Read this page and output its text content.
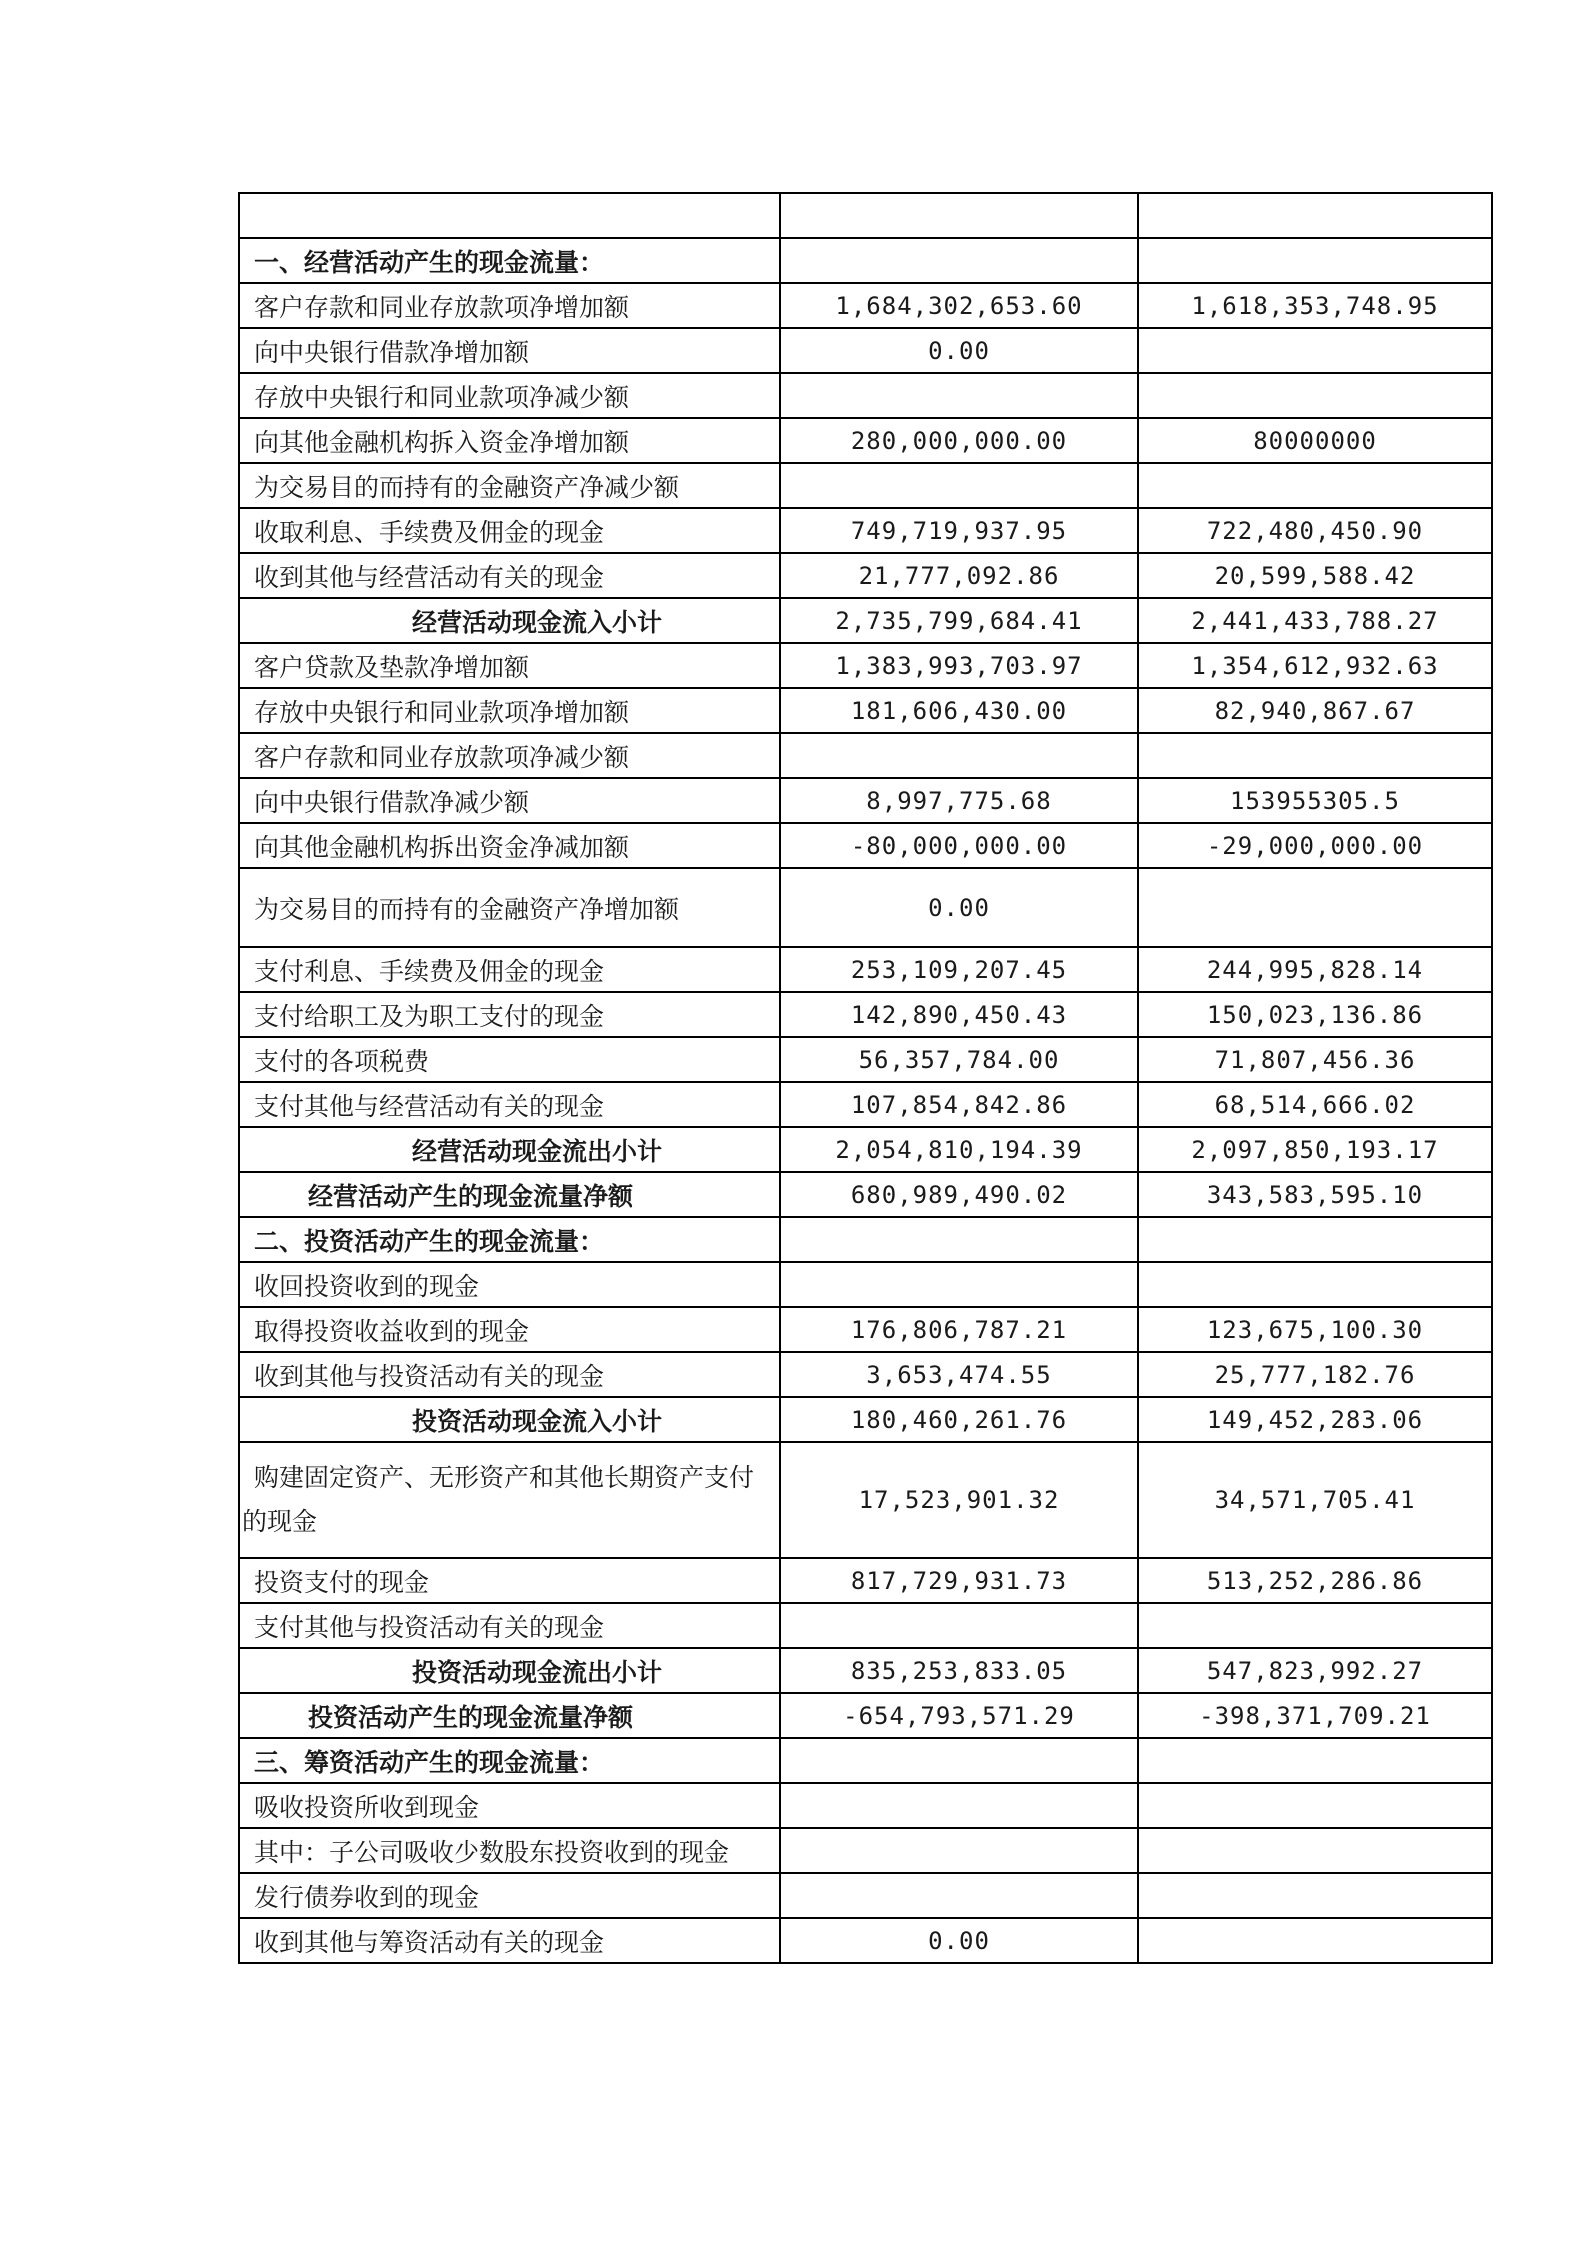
一、经营活动产生的现金流量：		
客户存款和同业存放款项净增加额	1,684,302,653.60	1,618,353,748.95
向中央银行借款净增加额	0.00	
存放中央银行和同业款项净减少额		
向其他金融机构拆入资金净增加额	280,000,000.00	80000000
为交易目的而持有的金融资产净减少额		
收取利息、手续费及佣金的现金	749,719,937.95	722,480,450.90
收到其他与经营活动有关的现金	21,777,092.86	20,599,588.42
经营活动现金流入小计	2,735,799,684.41	2,441,433,788.27
客户贷款及垫款净增加额	1,383,993,703.97	1,354,612,932.63
存放中央银行和同业款项净增加额	181,606,430.00	82,940,867.67
客户存款和同业存放款项净减少额		
向中央银行借款净减少额	8,997,775.68	153955305.5
向其他金融机构拆出资金净减加额	-80,000,000.00	-29,000,000.00
为交易目的而持有的金融资产净增加额	0.00	
支付利息、手续费及佣金的现金	253,109,207.45	244,995,828.14
支付给职工及为职工支付的现金	142,890,450.43	150,023,136.86
支付的各项税费	56,357,784.00	71,807,456.36
支付其他与经营活动有关的现金	107,854,842.86	68,514,666.02
经营活动现金流出小计	2,054,810,194.39	2,097,850,193.17
经营活动产生的现金流量净额	680,989,490.02	343,583,595.10
二、投资活动产生的现金流量：		
收回投资收到的现金		
取得投资收益收到的现金	176,806,787.21	123,675,100.30
收到其他与投资活动有关的现金	3,653,474.55	25,777,182.76
投资活动现金流入小计	180,460,261.76	149,452,283.06

购建固定资产、无形资产和其他长期资产支付
的现金	17,523,901.32	34,571,705.41
投资支付的现金	817,729,931.73	513,252,286.86
支付其他与投资活动有关的现金		
投资活动现金流出小计	835,253,833.05	547,823,992.27
投资活动产生的现金流量净额	-654,793,571.29	-398,371,709.21
三、筹资活动产生的现金流量：		
吸收投资所收到现金		
其中：子公司吸收少数股东投资收到的现金		
发行债券收到的现金		
收到其他与筹资活动有关的现金	0.00	
